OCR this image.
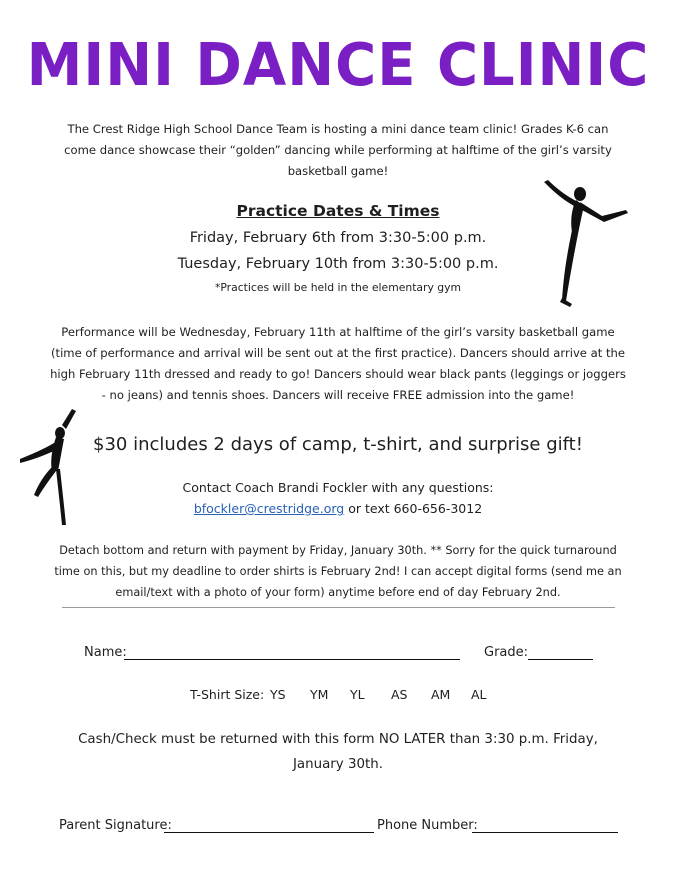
MINI DANCE CLINIC
The Crest Ridge High School Dance Team is hosting a mini dance team clinic! Grades K-6 can come dance showcase their “golden” dancing while performing at halftime of the girl’s varsity basketball game!
Practice Dates & Times
Friday, February 6th from 3:30-5:00 p.m.
Tuesday, February 10th from 3:30-5:00 p.m.
*Practices will be held in the elementary gym
Performance will be Wednesday, February 11th at halftime of the girl’s varsity basketball game (time of performance and arrival will be sent out at the first practice). Dancers should arrive at the high February 11th dressed and ready to go! Dancers should wear black pants (leggings or joggers - no jeans) and tennis shoes. Dancers will receive FREE admission into the game!
$30 includes 2 days of camp, t-shirt, and surprise gift!
Contact Coach Brandi Fockler with any questions:
bfockler@crestridge.org or text 660-656-3012
Detach bottom and return with payment by Friday, January 30th. ** Sorry for the quick turnaround time on this, but my deadline to order shirts is February 2nd! I can accept digital forms (send me an email/text with a photo of your form) anytime before end of day February 2nd.
Name:	Grade:
T-Shirt Size: YS YM YL AS AM AL
Cash/Check must be returned with this form NO LATER than 3:30 p.m. Friday, January 30th.
Parent Signature:	Phone Number:
